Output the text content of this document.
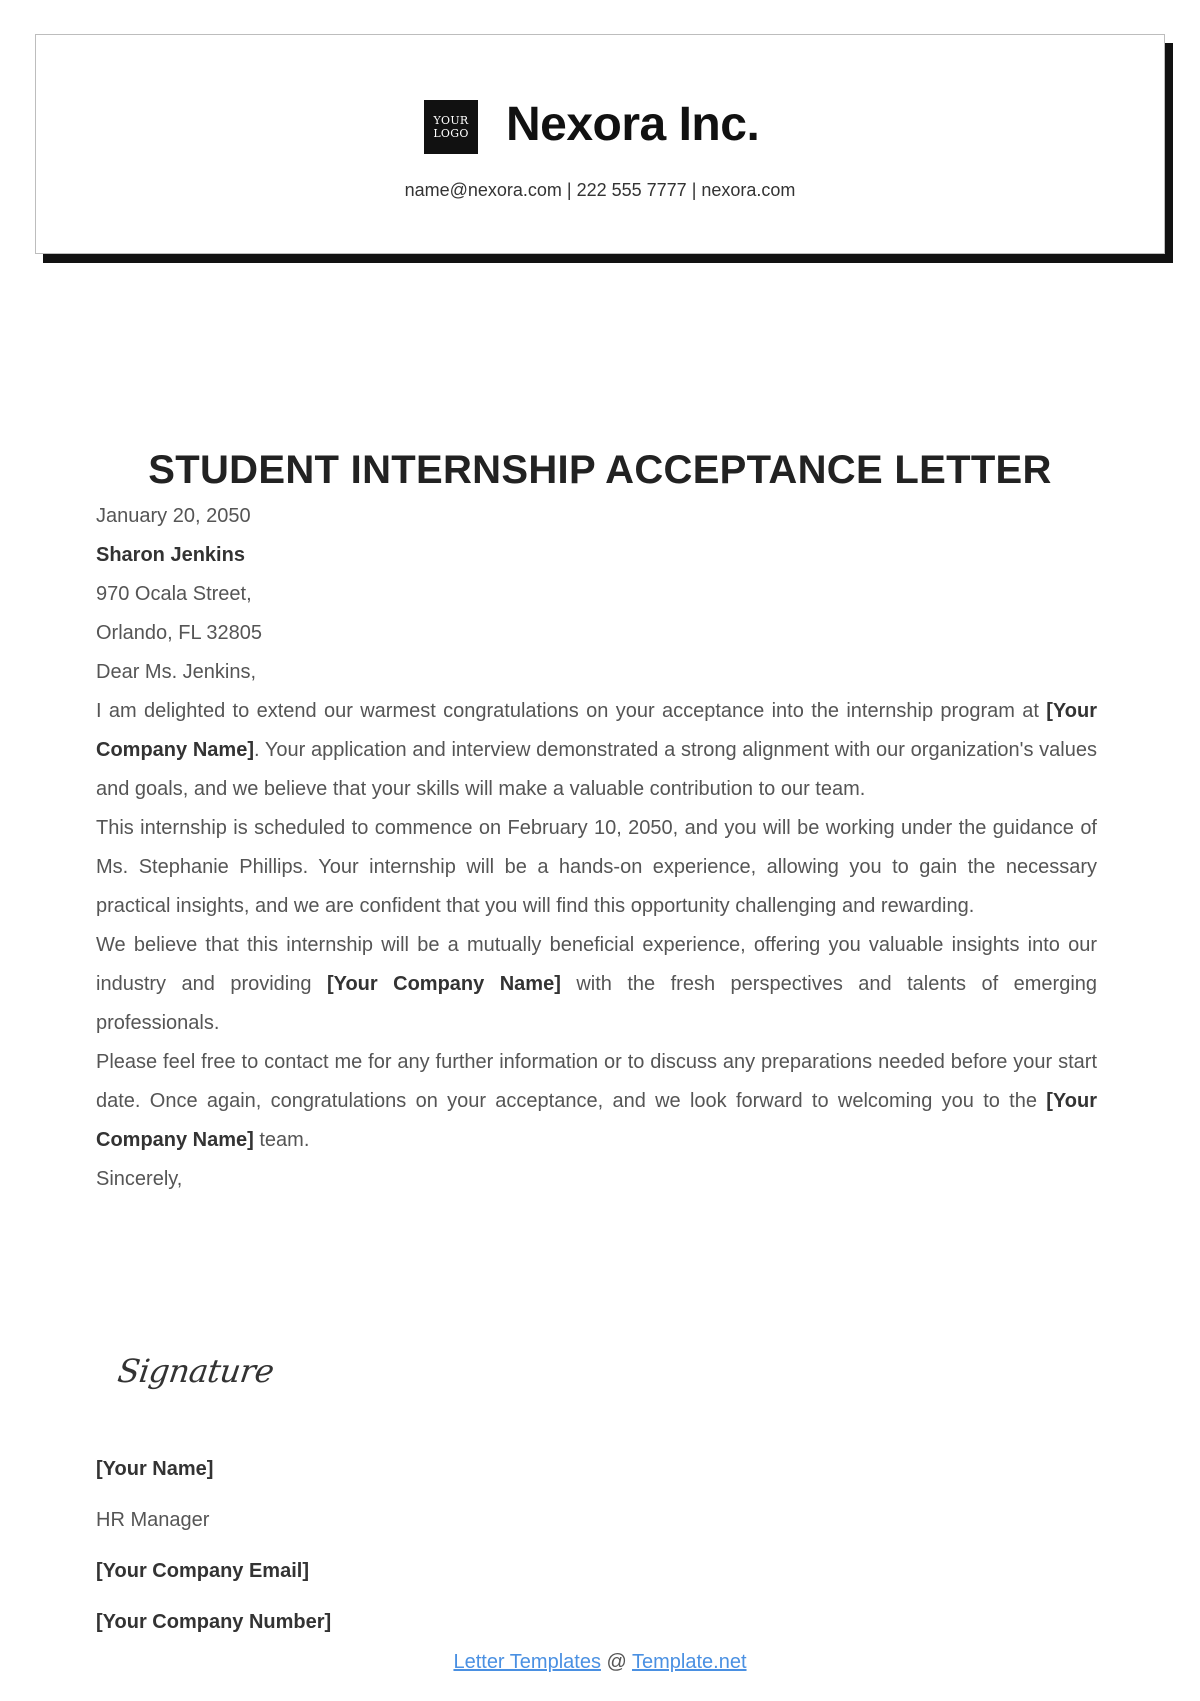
YOUR
LOGO Nexora Inc.
name@nexora.com | 222 555 7777 | nexora.com
STUDENT INTERNSHIP ACCEPTANCE LETTER
January 20, 2050
Sharon Jenkins
970 Ocala Street,
Orlando, FL 32805
Dear Ms. Jenkins,

I am delighted to extend our warmest congratulations on your acceptance into the internship program at [Your Company Name]. Your application and interview demonstrated a strong alignment with our organization's values and goals, and we believe that your skills will make a valuable contribution to our team.

This internship is scheduled to commence on February 10, 2050, and you will be working under the guidance of Ms. Stephanie Phillips. Your internship will be a hands-on experience, allowing you to gain the necessary practical insights, and we are confident that you will find this opportunity challenging and rewarding.

We believe that this internship will be a mutually beneficial experience, offering you valuable insights into our industry and providing [Your Company Name] with the fresh perspectives and talents of emerging professionals.

Please feel free to contact me for any further information or to discuss any preparations needed before your start date. Once again, congratulations on your acceptance, and we look forward to welcoming you to the [Your Company Name] team.

Sincerely,
Signature
[Your Name]
HR Manager
[Your Company Email]
[Your Company Number]
Letter Templates @ Template.net
